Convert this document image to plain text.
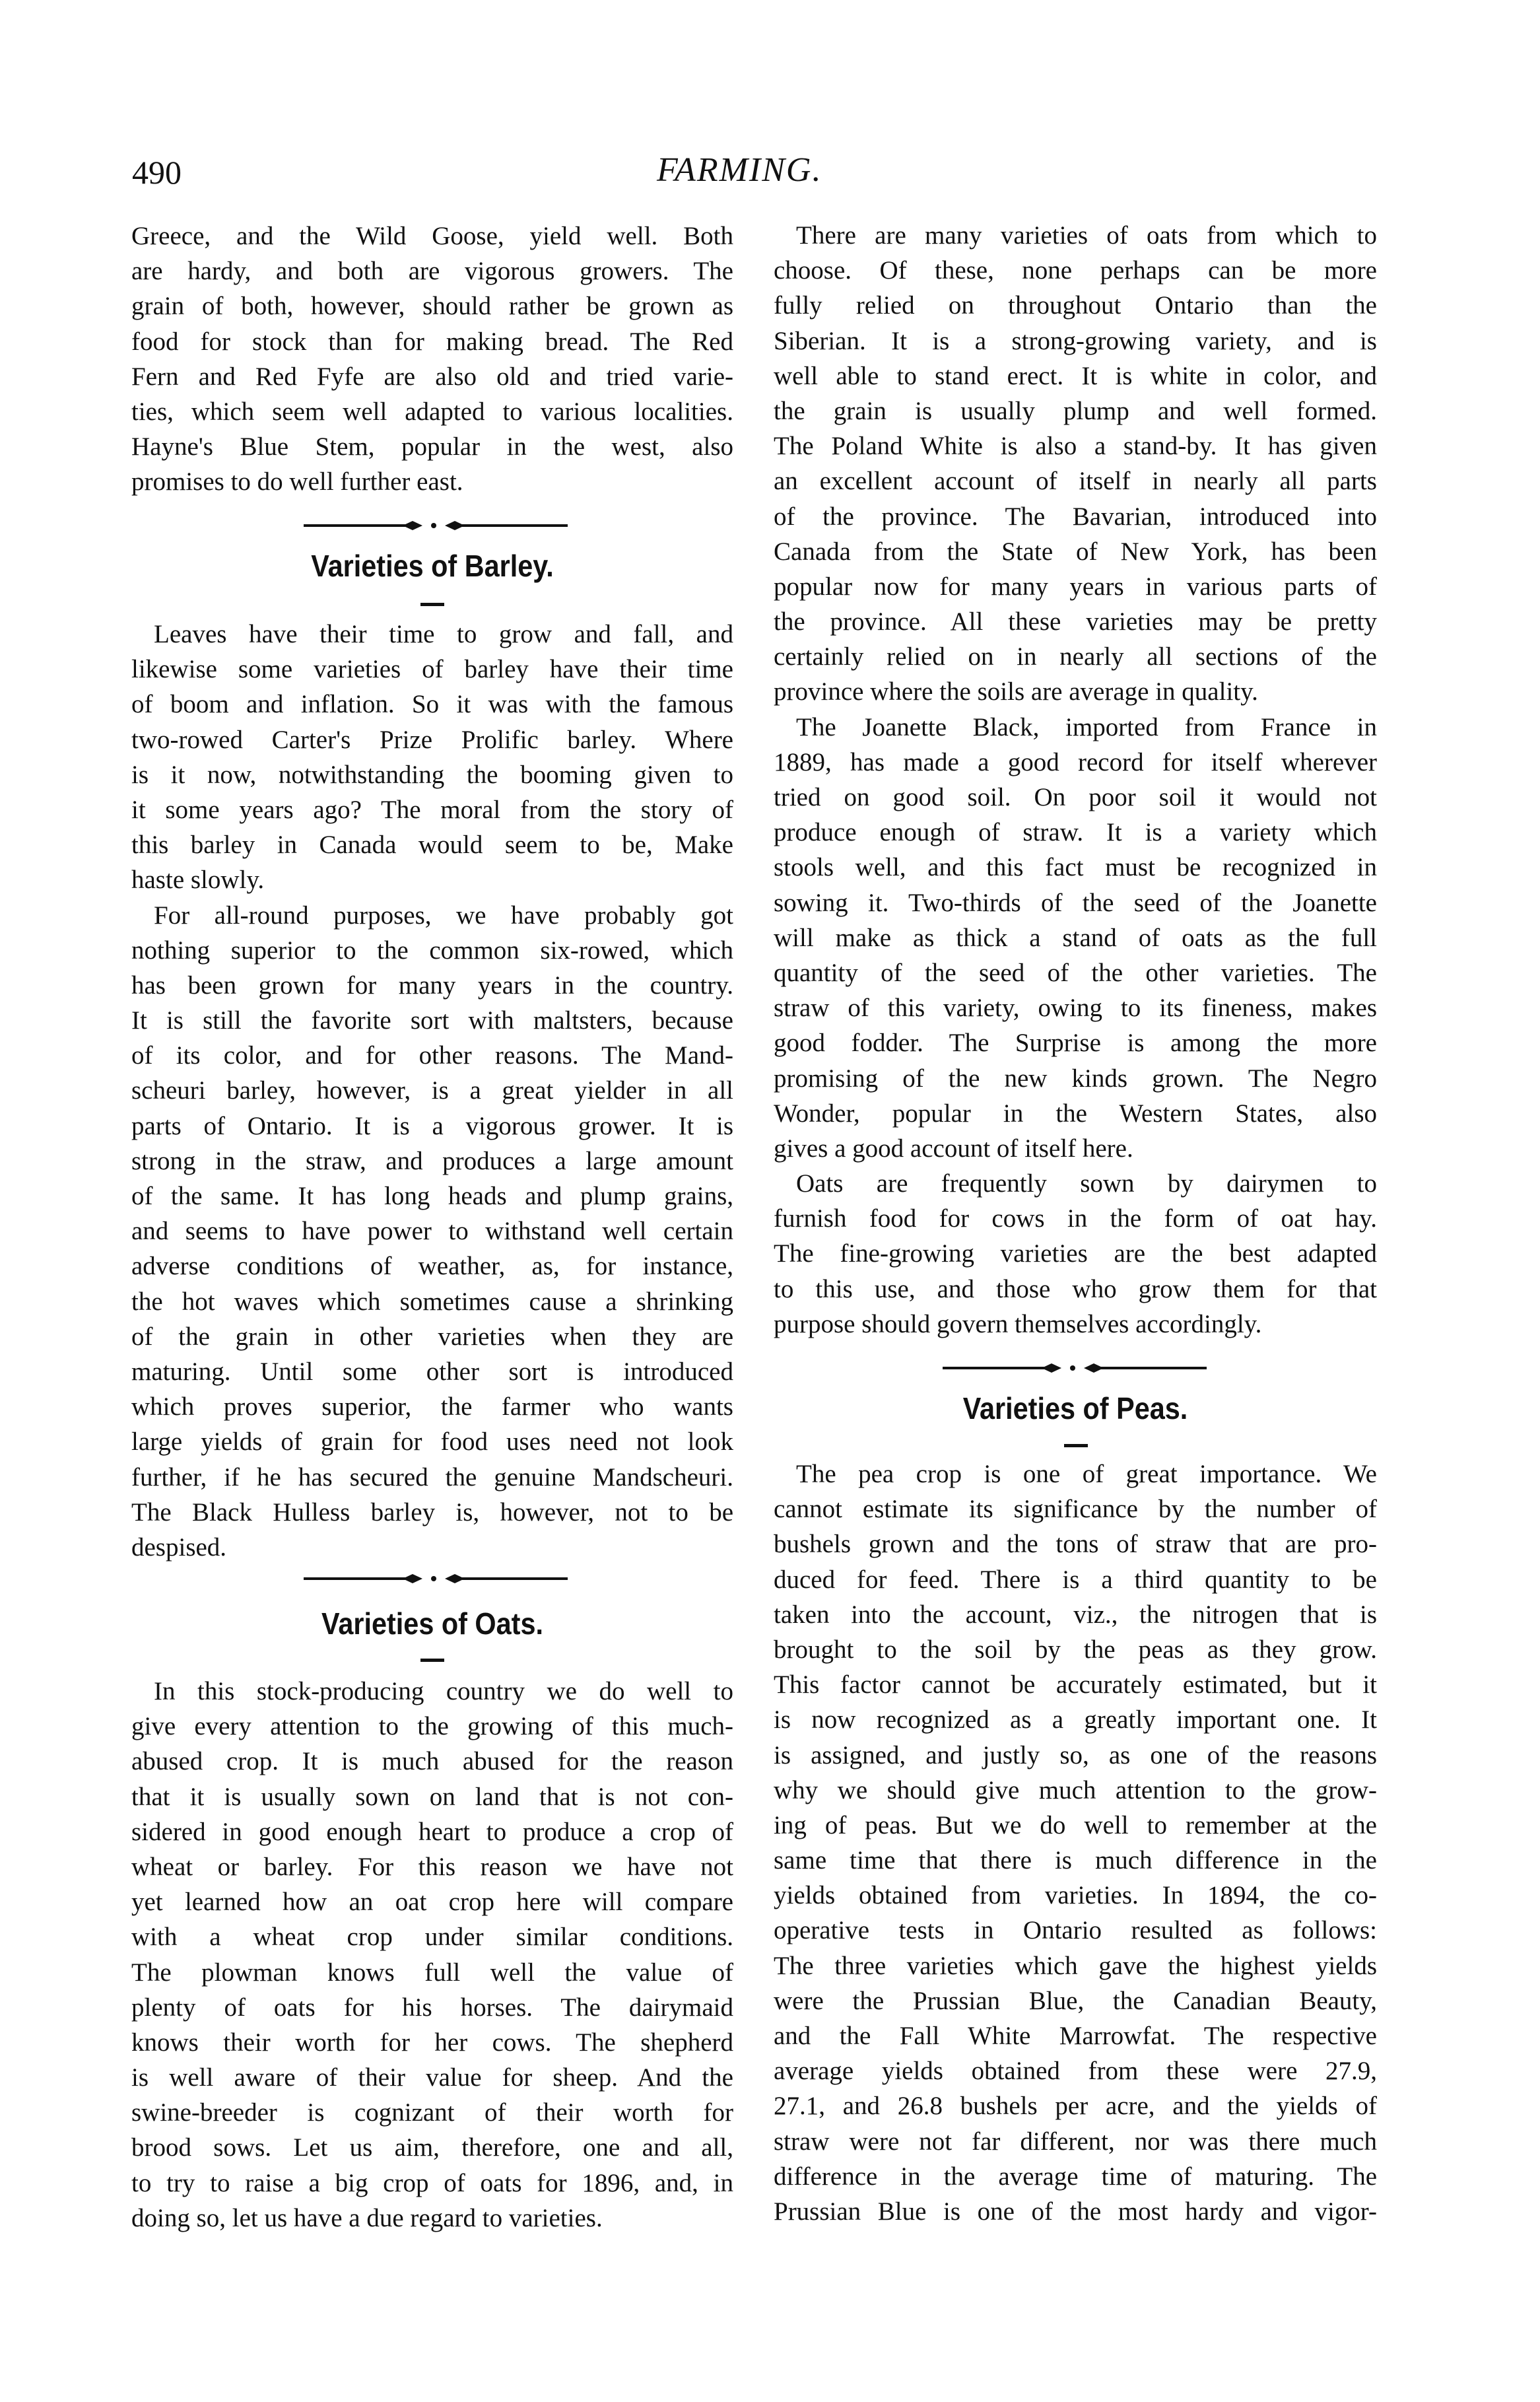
490	FARMING.
Greece, and the Wild Goose, yield well. Both
are hardy, and both are vigorous growers. The
grain of both, however, should rather be grown as
food for stock than for making bread. The Red
Fern and Red Fyfe are also old and tried varie-
ties, which seem well adapted to various localities.
Hayne's Blue Stem, popular in the west, also
promises to do well further east.
Varieties of Barley.
Leaves have their time to grow and fall, and
likewise some varieties of barley have their time
of boom and inflation. So it was with the famous
two-rowed Carter's Prize Prolific barley. Where
is it now, notwithstanding the booming given to
it some years ago? The moral from the story of
this barley in Canada would seem to be, Make
haste slowly.
For all-round purposes, we have probably got
nothing superior to the common six-rowed, which
has been grown for many years in the country.
It is still the favorite sort with maltsters, because
of its color, and for other reasons. The Mand-
scheuri barley, however, is a great yielder in all
parts of Ontario. It is a vigorous grower. It is
strong in the straw, and produces a large amount
of the same. It has long heads and plump grains,
and seems to have power to withstand well certain
adverse conditions of weather, as, for instance,
the hot waves which sometimes cause a shrinking
of the grain in other varieties when they are
maturing. Until some other sort is introduced
which proves superior, the farmer who wants
large yields of grain for food uses need not look
further, if he has secured the genuine Mandscheuri.
The Black Hulless barley is, however, not to be
despised.
Varieties of Oats.
In this stock-producing country we do well to
give every attention to the growing of this much-
abused crop. It is much abused for the reason
that it is usually sown on land that is not con-
sidered in good enough heart to produce a crop of
wheat or barley. For this reason we have not
yet learned how an oat crop here will compare
with a wheat crop under similar conditions.
The plowman knows full well the value of
plenty of oats for his horses. The dairymaid
knows their worth for her cows. The shepherd
is well aware of their value for sheep. And the
swine-breeder is cognizant of their worth for
brood sows. Let us aim, therefore, one and all,
to try to raise a big crop of oats for 1896, and, in
doing so, let us have a due regard to varieties.
There are many varieties of oats from which to
choose. Of these, none perhaps can be more
fully relied on throughout Ontario than the
Siberian. It is a strong-growing variety, and is
well able to stand erect. It is white in color, and
the grain is usually plump and well formed.
The Poland White is also a stand-by. It has given
an excellent account of itself in nearly all parts
of the province. The Bavarian, introduced into
Canada from the State of New York, has been
popular now for many years in various parts of
the province. All these varieties may be pretty
certainly relied on in nearly all sections of the
province where the soils are average in quality.
The Joanette Black, imported from France in
1889, has made a good record for itself wherever
tried on good soil. On poor soil it would not
produce enough of straw. It is a variety which
stools well, and this fact must be recognized in
sowing it. Two-thirds of the seed of the Joanette
will make as thick a stand of oats as the full
quantity of the seed of the other varieties. The
straw of this variety, owing to its fineness, makes
good fodder. The Surprise is among the more
promising of the new kinds grown. The Negro
Wonder, popular in the Western States, also
gives a good account of itself here.
Oats are frequently sown by dairymen to
furnish food for cows in the form of oat hay.
The fine-growing varieties are the best adapted
to this use, and those who grow them for that
purpose should govern themselves accordingly.
Varieties of Peas.
The pea crop is one of great importance. We
cannot estimate its significance by the number of
bushels grown and the tons of straw that are pro-
duced for feed. There is a third quantity to be
taken into the account, viz., the nitrogen that is
brought to the soil by the peas as they grow.
This factor cannot be accurately estimated, but it
is now recognized as a greatly important one. It
is assigned, and justly so, as one of the reasons
why we should give much attention to the grow-
ing of peas. But we do well to remember at the
same time that there is much difference in the
yields obtained from varieties. In 1894, the co-
operative tests in Ontario resulted as follows:
The three varieties which gave the highest yields
were the Prussian Blue, the Canadian Beauty,
and the Fall White Marrowfat. The respective
average yields obtained from these were 27.9,
27.1, and 26.8 bushels per acre, and the yields of
straw were not far different, nor was there much
difference in the average time of maturing. The
Prussian Blue is one of the most hardy and vigor-
